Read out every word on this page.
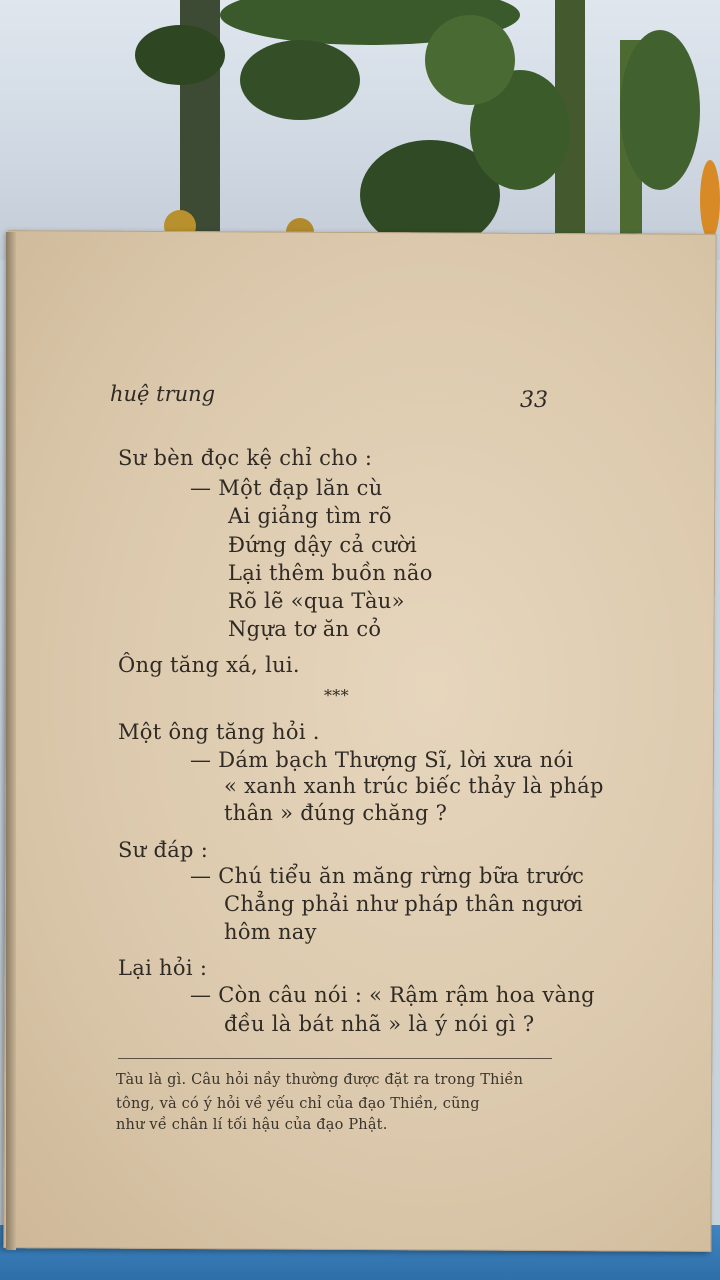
huệ trung	33
Sư bèn đọc kệ chỉ cho :
— Một đạp lăn cù
Ai giảng tìm rõ
Đứng dậy cả cười
Lại thêm buồn não
Rõ lẽ «qua Tàu»
Ngựa tơ ăn cỏ
Ông tăng xá, lui.
***
Một ông tăng hỏi .
— Dám bạch Thượng Sĩ, lời xưa nói
« xanh xanh trúc biếc thảy là pháp
thân » đúng chăng ?
Sư đáp :
— Chú tiểu ăn măng rừng bữa trước
Chẳng phải như pháp thân ngươi
hôm nay
Lại hỏi :
— Còn câu nói : « Rậm rậm hoa vàng
đều là bát nhã » là ý nói gì ?
Tàu là gì. Câu hỏi nầy thường được đặt ra trong Thiền
tông, và có ý hỏi về yếu chỉ của đạo Thiền, cũng
như về chân lí tối hậu của đạo Phật.
